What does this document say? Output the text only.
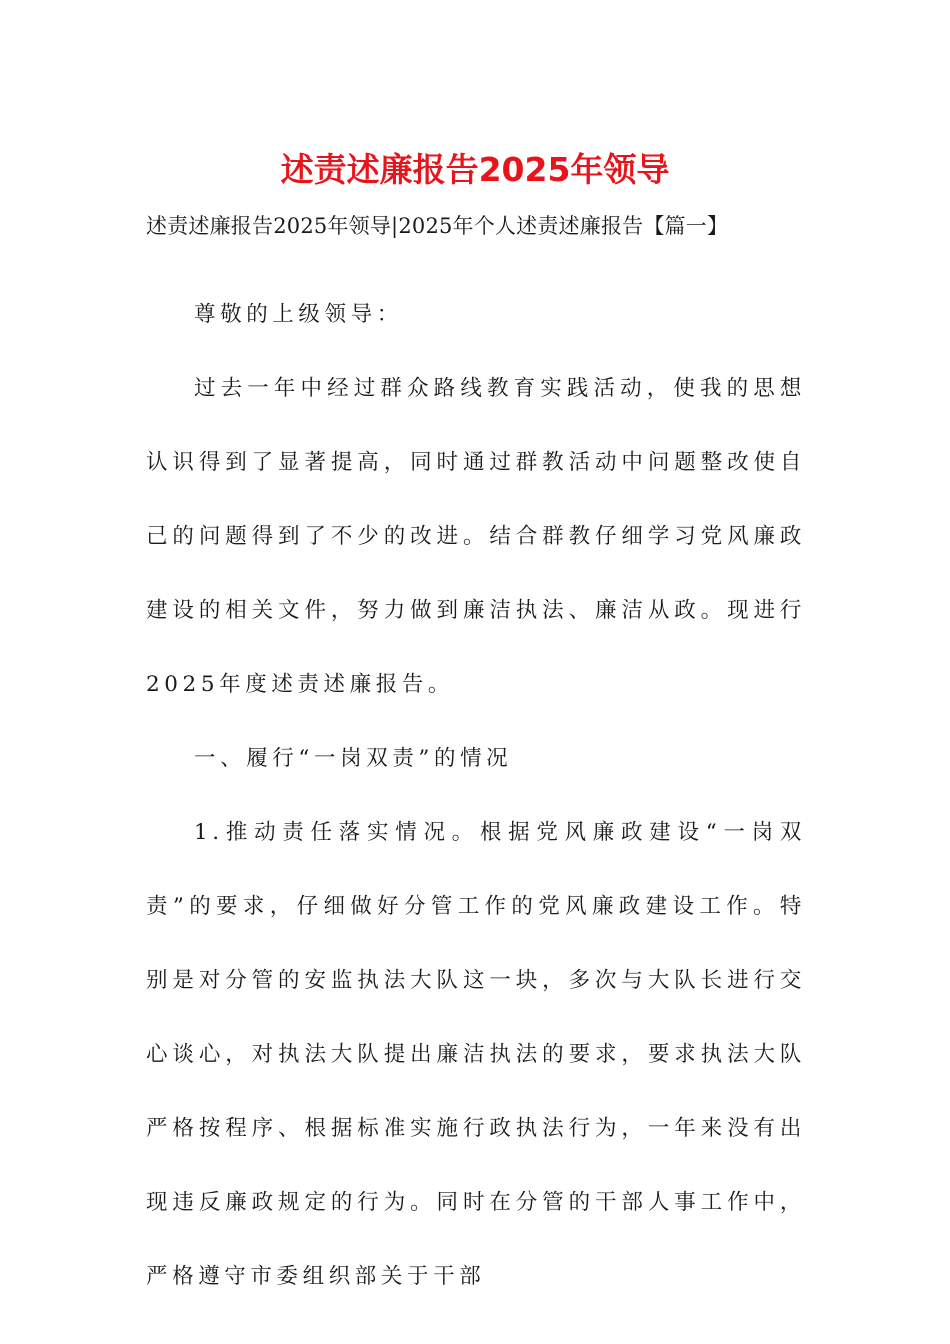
述责述廉报告2025年领导
述责述廉报告2025年领导|2025年个人述责述廉报告【篇一】

尊敬的上级领导：

过去一年中经过群众路线教育实践活动，使我的思想认识得到了显著提高，同时通过群教活动中问题整改使自己的问题得到了不少的改进。结合群教仔细学习党风廉政建设的相关文件，努力做到廉洁执法、廉洁从政。现进行2025年度述责述廉报告。

一、履行“一岗双责”的情况

1.推动责任落实情况。根据党风廉政建设“一岗双责”的要求，仔细做好分管工作的党风廉政建设工作。特别是对分管的安监执法大队这一块，多次与大队长进行交心谈心，对执法大队提出廉洁执法的要求，要求执法大队严格按程序、根据标准实施行政执法行为，一年来没有出现违反廉政规定的行为。同时在分管的干部人事工作中，严格遵守市委组织部关于干部
